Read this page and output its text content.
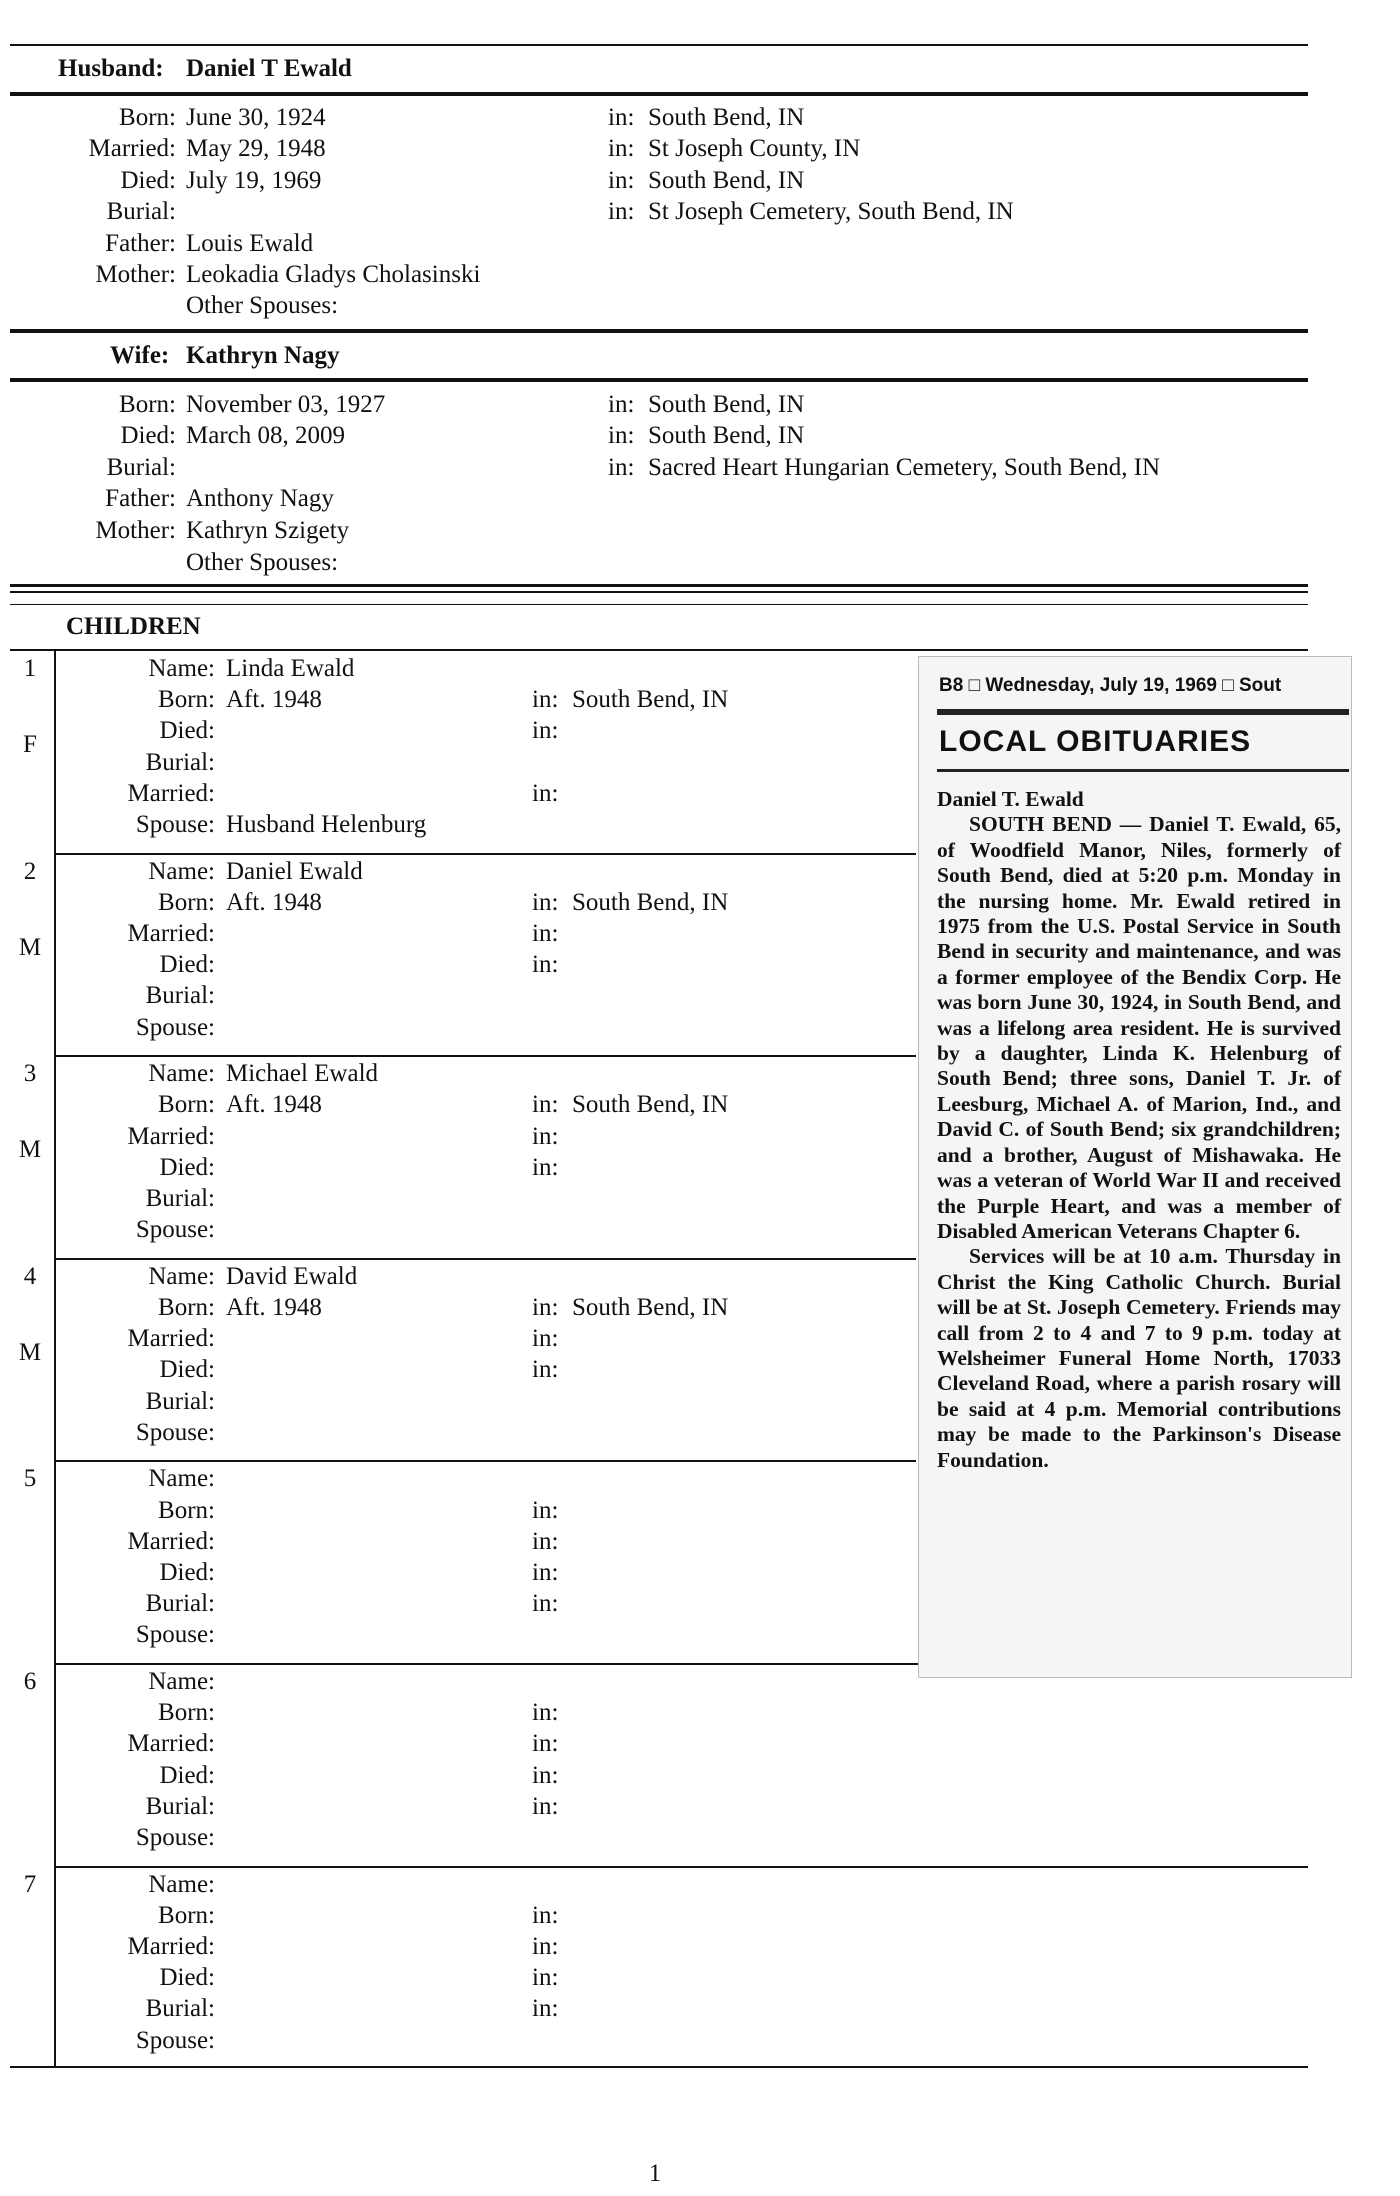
Husband: Daniel T Ewald
Born: June 30, 1924	in: South Bend, IN
Married: May 29, 1948	in: St Joseph County, IN
Died: July 19, 1969	in: South Bend, IN
Burial:	in: St Joseph Cemetery, South Bend, IN
Father: Louis Ewald
Mother: Leokadia Gladys Cholasinski
Other Spouses:
Wife: Kathryn Nagy
Born: November 03, 1927	in: South Bend, IN
Died: March 08, 2009	in: South Bend, IN
Burial:	in: Sacred Heart Hungarian Cemetery, South Bend, IN
Father: Anthony Nagy
Mother: Kathryn Szigety
Other Spouses:
CHILDREN
1
F
Name: Linda Ewald
Born: Aft. 1948	in: South Bend, IN
Died:	in:
Burial:
Married:	in:
Spouse: Husband Helenburg
2
M
Name: Daniel Ewald
Born: Aft. 1948	in: South Bend, IN
Married:	in:
Died:	in:
Burial:
Spouse:
3
M
Name: Michael Ewald
Born: Aft. 1948	in: South Bend, IN
Married:	in:
Died:	in:
Burial:
Spouse:
4
M
Name: David Ewald
Born: Aft. 1948	in: South Bend, IN
Married:	in:
Died:	in:
Burial:
Spouse:
5	Name:
Born:	in:
Married:	in:
Died:	in:
Burial:	in:
Spouse:
6	Name:
Born:	in:
Married:	in:
Died:	in:
Burial:	in:
Spouse:
7	Name:
Born:	in:
Married:	in:
Died:	in:
Burial:	in:
Spouse:
B8 □ Wednesday, July 19, 1969 □ Sout
LOCAL OBITUARIES
Daniel T. Ewald

SOUTH BEND — Daniel T. Ewald, 65, of Woodfield Manor, Niles, formerly of South Bend, died at 5:20 p.m. Monday in the nursing home. Mr. Ewald retired in 1975 from the U.S. Postal Service in South Bend in security and maintenance, and was a former employee of the Bendix Corp. He was born June 30, 1924, in South Bend, and was a lifelong area resident. He is survived by a daughter, Linda K. Helenburg of South Bend; three sons, Daniel T. Jr. of Leesburg, Michael A. of Marion, Ind., and David C. of South Bend; six grandchildren; and a brother, August of Mishawaka. He was a veteran of World War II and received the Purple Heart, and was a member of Disabled American Veterans Chapter 6.

Services will be at 10 a.m. Thursday in Christ the King Catholic Church. Burial will be at St. Joseph Cemetery. Friends may call from 2 to 4 and 7 to 9 p.m. today at Welsheimer Funeral Home North, 17033 Cleveland Road, where a parish rosary will be said at 4 p.m. Memorial contributions may be made to the Parkinson's Disease Foundation.

1
